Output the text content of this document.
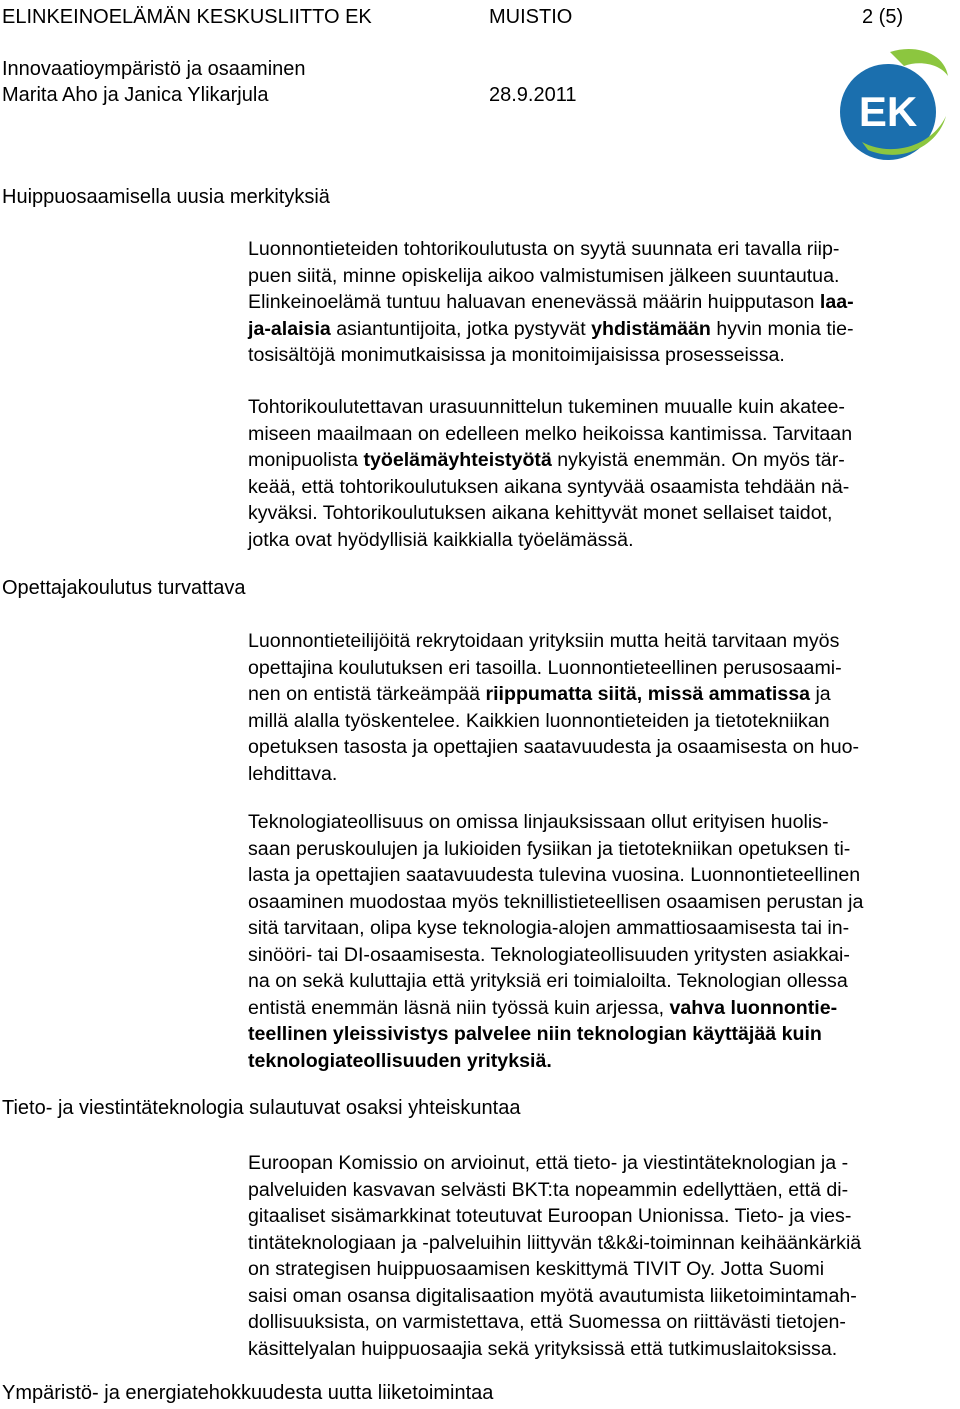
ELINKEINOELÄMÄN KESKUSLIITTO EK	MUISTIO	2 (5)
Innovaatioympäristö ja osaaminen
Marita Aho ja Janica Ylikarjula	28.9.2011	EK
Huippuosaamisella uusia merkityksiä
Opettajakoulutus turvattava
Tieto- ja viestintäteknologia sulautuvat osaksi yhteiskuntaa
Ympäristö- ja energiatehokkuudesta uutta liiketoimintaa
Luonnontieteiden tohtorikoulutusta on syytä suunnata eri tavalla riip-
puen siitä, minne opiskelija aikoo valmistumisen jälkeen suuntautua.
Elinkeinoelämä tuntuu haluavan enenevässä määrin huipputason laa-
ja-alaisia asiantuntijoita, jotka pystyvät yhdistämään hyvin monia tie-
tosisältöjä monimutkaisissa ja monitoimijaisissa prosesseissa.
Tohtorikoulutettavan urasuunnittelun tukeminen muualle kuin akatee-
miseen maailmaan on edelleen melko heikoissa kantimissa. Tarvitaan
monipuolista työelämäyhteistyötä nykyistä enemmän. On myös tär-
keää, että tohtorikoulutuksen aikana syntyvää osaamista tehdään nä-
kyväksi. Tohtorikoulutuksen aikana kehittyvät monet sellaiset taidot,
jotka ovat hyödyllisiä kaikkialla työelämässä.
Luonnontieteilijöitä rekrytoidaan yrityksiin mutta heitä tarvitaan myös
opettajina koulutuksen eri tasoilla. Luonnontieteellinen perusosaami-
nen on entistä tärkeämpää riippumatta siitä, missä ammatissa ja
millä alalla työskentelee. Kaikkien luonnontieteiden ja tietotekniikan
opetuksen tasosta ja opettajien saatavuudesta ja osaamisesta on huo-
lehdittava.
Teknologiateollisuus on omissa linjauksissaan ollut erityisen huolis-
saan peruskoulujen ja lukioiden fysiikan ja tietotekniikan opetuksen ti-
lasta ja opettajien saatavuudesta tulevina vuosina. Luonnontieteellinen
osaaminen muodostaa myös teknillistieteellisen osaamisen perustan ja
sitä tarvitaan, olipa kyse teknologia-alojen ammattiosaamisesta tai in-
sinööri- tai DI-osaamisesta. Teknologiateollisuuden yritysten asiakkai-
na on sekä kuluttajia että yrityksiä eri toimialoilta. Teknologian ollessa
entistä enemmän läsnä niin työssä kuin arjessa, vahva luonnontie-
teellinen yleissivistys palvelee niin teknologian käyttäjää kuin
teknologiateollisuuden yrityksiä.
Euroopan Komissio on arvioinut, että tieto- ja viestintäteknologian ja -
palveluiden kasvavan selvästi BKT:ta nopeammin edellyttäen, että di-
gitaaliset sisämarkkinat toteutuvat Euroopan Unionissa. Tieto- ja vies-
tintäteknologiaan ja -palveluihin liittyvän t&k&i-toiminnan keihäänkärkiä
on strategisen huippuosaamisen keskittymä TIVIT Oy. Jotta Suomi
saisi oman osansa digitalisaation myötä avautumista liiketoimintamah-
dollisuuksista, on varmistettava, että Suomessa on riittävästi tietojen-
käsittelyalan huippuosaajia sekä yrityksissä että tutkimuslaitoksissa.
